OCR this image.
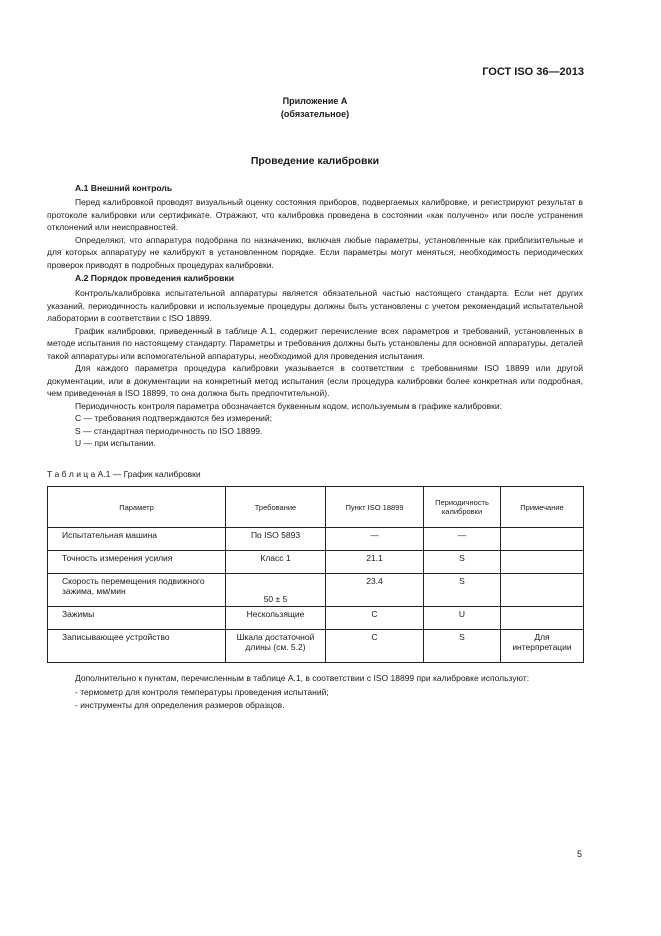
ГОСТ ISO 36—2013
Приложение А
(обязательное)
Проведение калибровки
А.1 Внешний контроль

Перед калибровкой проводят визуальный оценку состояния приборов, подвергаемых калибровке, и регистрируют результат в протоколе калибровки или сертификате. Отражают, что калибровка проведена в состоянии «как получено» или после устранения отклонений или неисправностей.

Определяют, что аппаратура подобрана по назначению, включая любые параметры, установленные как приблизительные и для которых аппаратуру не калибруют в установленном порядке. Если параметры могут меняться, необходимость периодических проверок приводят в подробных процедурах калибровки.

А.2 Порядок проведения калибровки

Контроль/калибровка испытательной аппаратуры является обязательной частью настоящего стандарта. Если нет других указаний, периодичность калибровки и используемые процедуры должны быть установлены с учетом рекомендаций испытательной лаборатории в соответствии с ISO 18899.

График калибровки, приведенный в таблице А.1, содержит перечисление всех параметров и требований, установленных в методе испытания по настоящему стандарту. Параметры и требования должны быть установлены для основной аппаратуры, деталей такой аппаратуры или вспомогательной аппаратуры, необходимой для проведения испытания.

Для каждого параметра процедура калибровки указывается в соответствии с требованиями ISO 18899 или другой документации, или в документации на конкретный метод испытания (если процедура калибровки более конкретная или подробная, чем приведенная в ISO 18899, то она должна быть предпочтительной).

Периодичность контроля параметра обозначается буквенным кодом, используемым в графике калибровки:

С — требования подтверждаются без измерений;

S — стандартная периодичность по ISO 18899.

U — при испытании.

Т а б л и ц а А.1 — График калибровки
Параметр	Требование	Пункт ISO 18899	Периодичность калибровки	Примечание
Испытательная машина	По ISO 5893	—	—	
Точность измерения усилия	Класс 1	21.1	S	
Скорость перемещения подвижного зажима, мм/мин	50 ± 5	23.4	S	
Зажимы	Нескользящие	С	U	
Записывающее устройство	Шкала достаточной длины (см. 5.2)	С	S	Для интерпретации

Дополнительно к пунктам, перечисленным в таблице А.1, в соответствии с ISO 18899 при калибровке используют:

- термометр для контроля температуры проведения испытаний;
- инструменты для определения размеров образцов.
5
